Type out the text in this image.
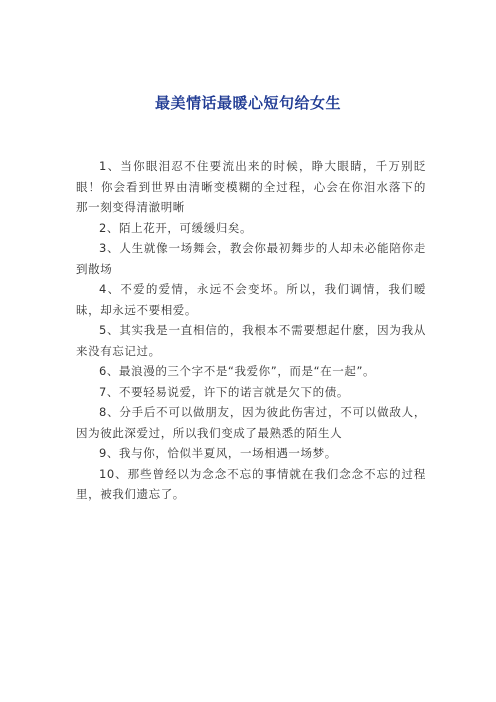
最美情话最暖心短句给女生

1、当你眼泪忍不住要流出来的时候，睁大眼睛，千万别眨眼！你会看到世界由清晰变模糊的全过程，心会在你泪水落下的那一刻变得清澈明晰

2、陌上花开，可缓缓归矣。

3、人生就像一场舞会，教会你最初舞步的人却未必能陪你走到散场

4、不爱的爱情，永远不会变坏。所以，我们调情，我们暧昧，却永远不要相爱。

5、其实我是一直相信的，我根本不需要想起什麽，因为我从来没有忘记过。

6、最浪漫的三个字不是“我爱你”，而是“在一起”。

7、不要轻易说爱，许下的诺言就是欠下的债。

8、分手后不可以做朋友，因为彼此伤害过，不可以做敌人，因为彼此深爱过，所以我们变成了最熟悉的陌生人

9、我与你，恰似半夏风，一场相遇一场梦。

10、那些曾经以为念念不忘的事情就在我们念念不忘的过程里，被我们遗忘了。
